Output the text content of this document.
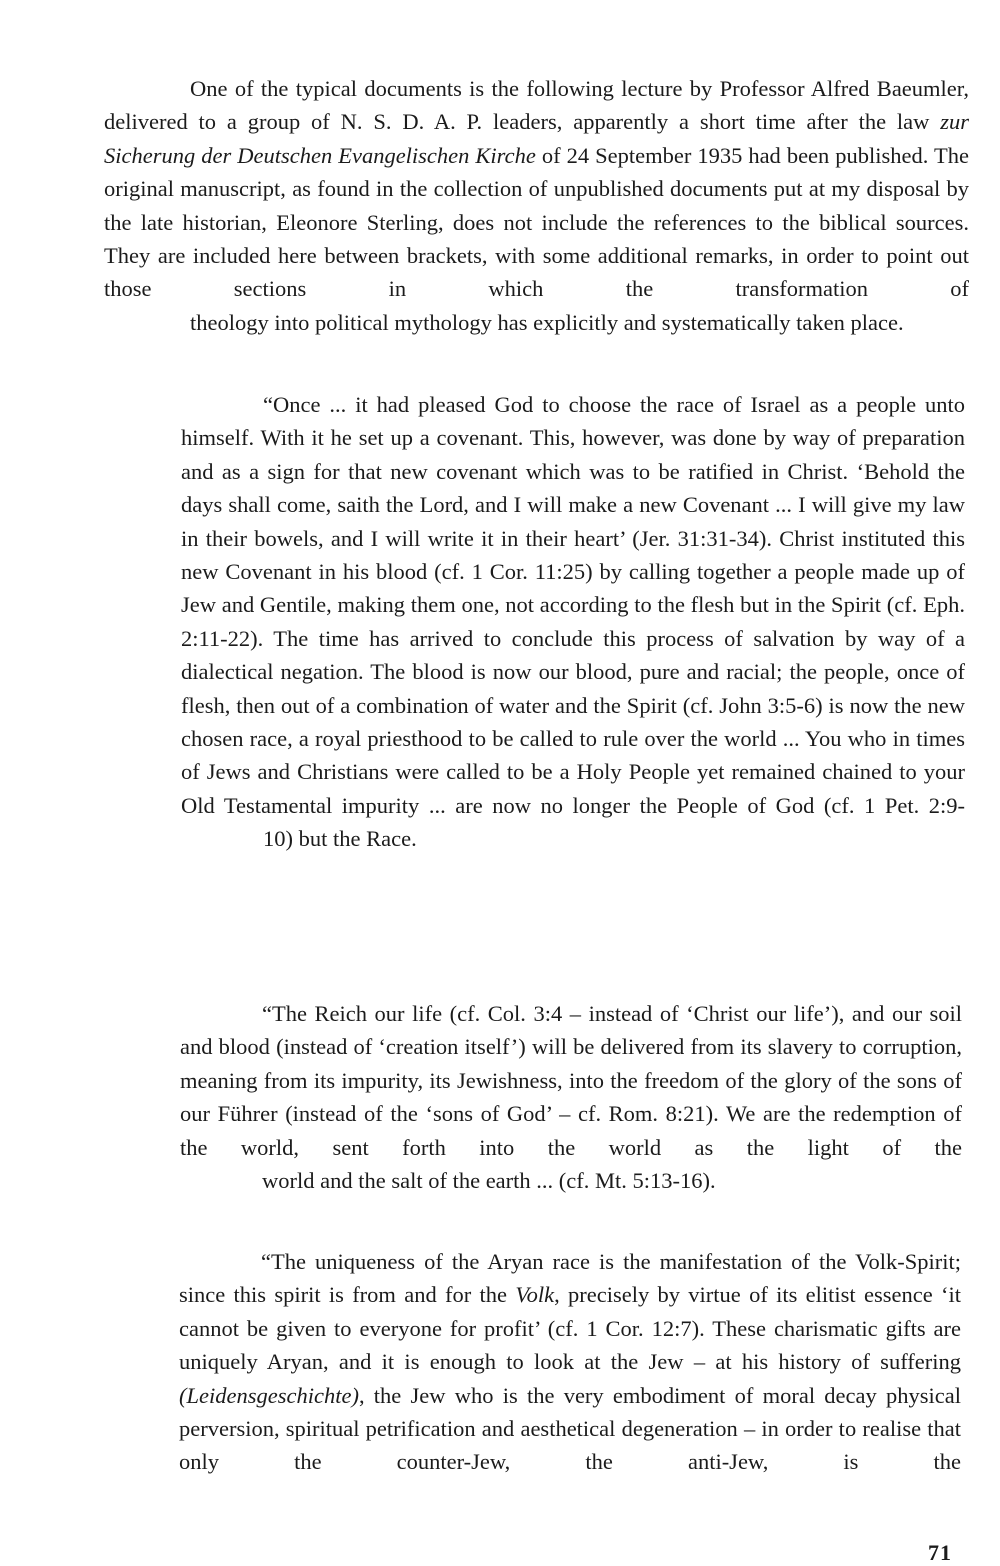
One of the typical documents is the following lecture by Professor Alfred Baeumler, delivered to a group of N. S. D. A. P. leaders, apparently a short time after the law zur Sicherung der Deutschen Evangelischen Kirche of 24 September 1935 had been published. The original manuscript, as found in the collection of unpublished documents put at my disposal by the late historian, Eleonore Sterling, does not include the references to the biblical sources. They are included here between brackets, with some additional remarks, in order to point out those sections in which the transformation of
theology into political mythology has explicitly and systematically taken place.

“Once ... it had pleased God to choose the race of Israel as a people unto himself. With it he set up a covenant. This, however, was done by way of preparation and as a sign for that new covenant which was to be ratified in Christ. ‘Behold the days shall come, saith the Lord, and I will make a new Covenant ... I will give my law in their bowels, and I will write it in their heart’ (Jer. 31:31-34). Christ instituted this new Covenant in his blood (cf. 1 Cor. 11:25) by calling together a people made up of Jew and Gentile, making them one, not according to the flesh but in the Spirit (cf. Eph. 2:11-22). The time has arrived to conclude this process of salvation by way of a dialectical negation. The blood is now our blood, pure and racial; the people, once of flesh, then out of a combination of water and the Spirit (cf. John 3:5-6) is now the new chosen race, a royal priesthood to be called to rule over the world ... You who in times of Jews and Christians were called to be a Holy People yet remained chained to your Old Testamental impurity ... are now no longer the People of God (cf. 1 Pet. 2:9-
10) but the Race.

“The Reich our life (cf. Col. 3:4 – instead of ‘Christ our life’), and our soil and blood (instead of ‘creation itself’) will be delivered from its slavery to corruption, meaning from its impurity, its Jewishness, into the freedom of the glory of the sons of our Führer (instead of the ‘sons of God’ – cf. Rom. 8:21). We are the redemption of the world, sent forth into the world as the light of the
world and the salt of the earth ... (cf. Mt. 5:13-16).

“The uniqueness of the Aryan race is the manifestation of the Volk-Spirit; since this spirit is from and for the Volk, precisely by virtue of its elitist essence ‘it cannot be given to everyone for profit’ (cf. 1 Cor. 12:7). These charismatic gifts are uniquely Aryan, and it is enough to look at the Jew – at his history of suffering (Leidensgeschichte), the Jew who is the very embodiment of moral decay physical perversion, spiritual petrification and aesthetical degeneration – in order to realise that only the counter-Jew, the anti-Jew, is the

71
